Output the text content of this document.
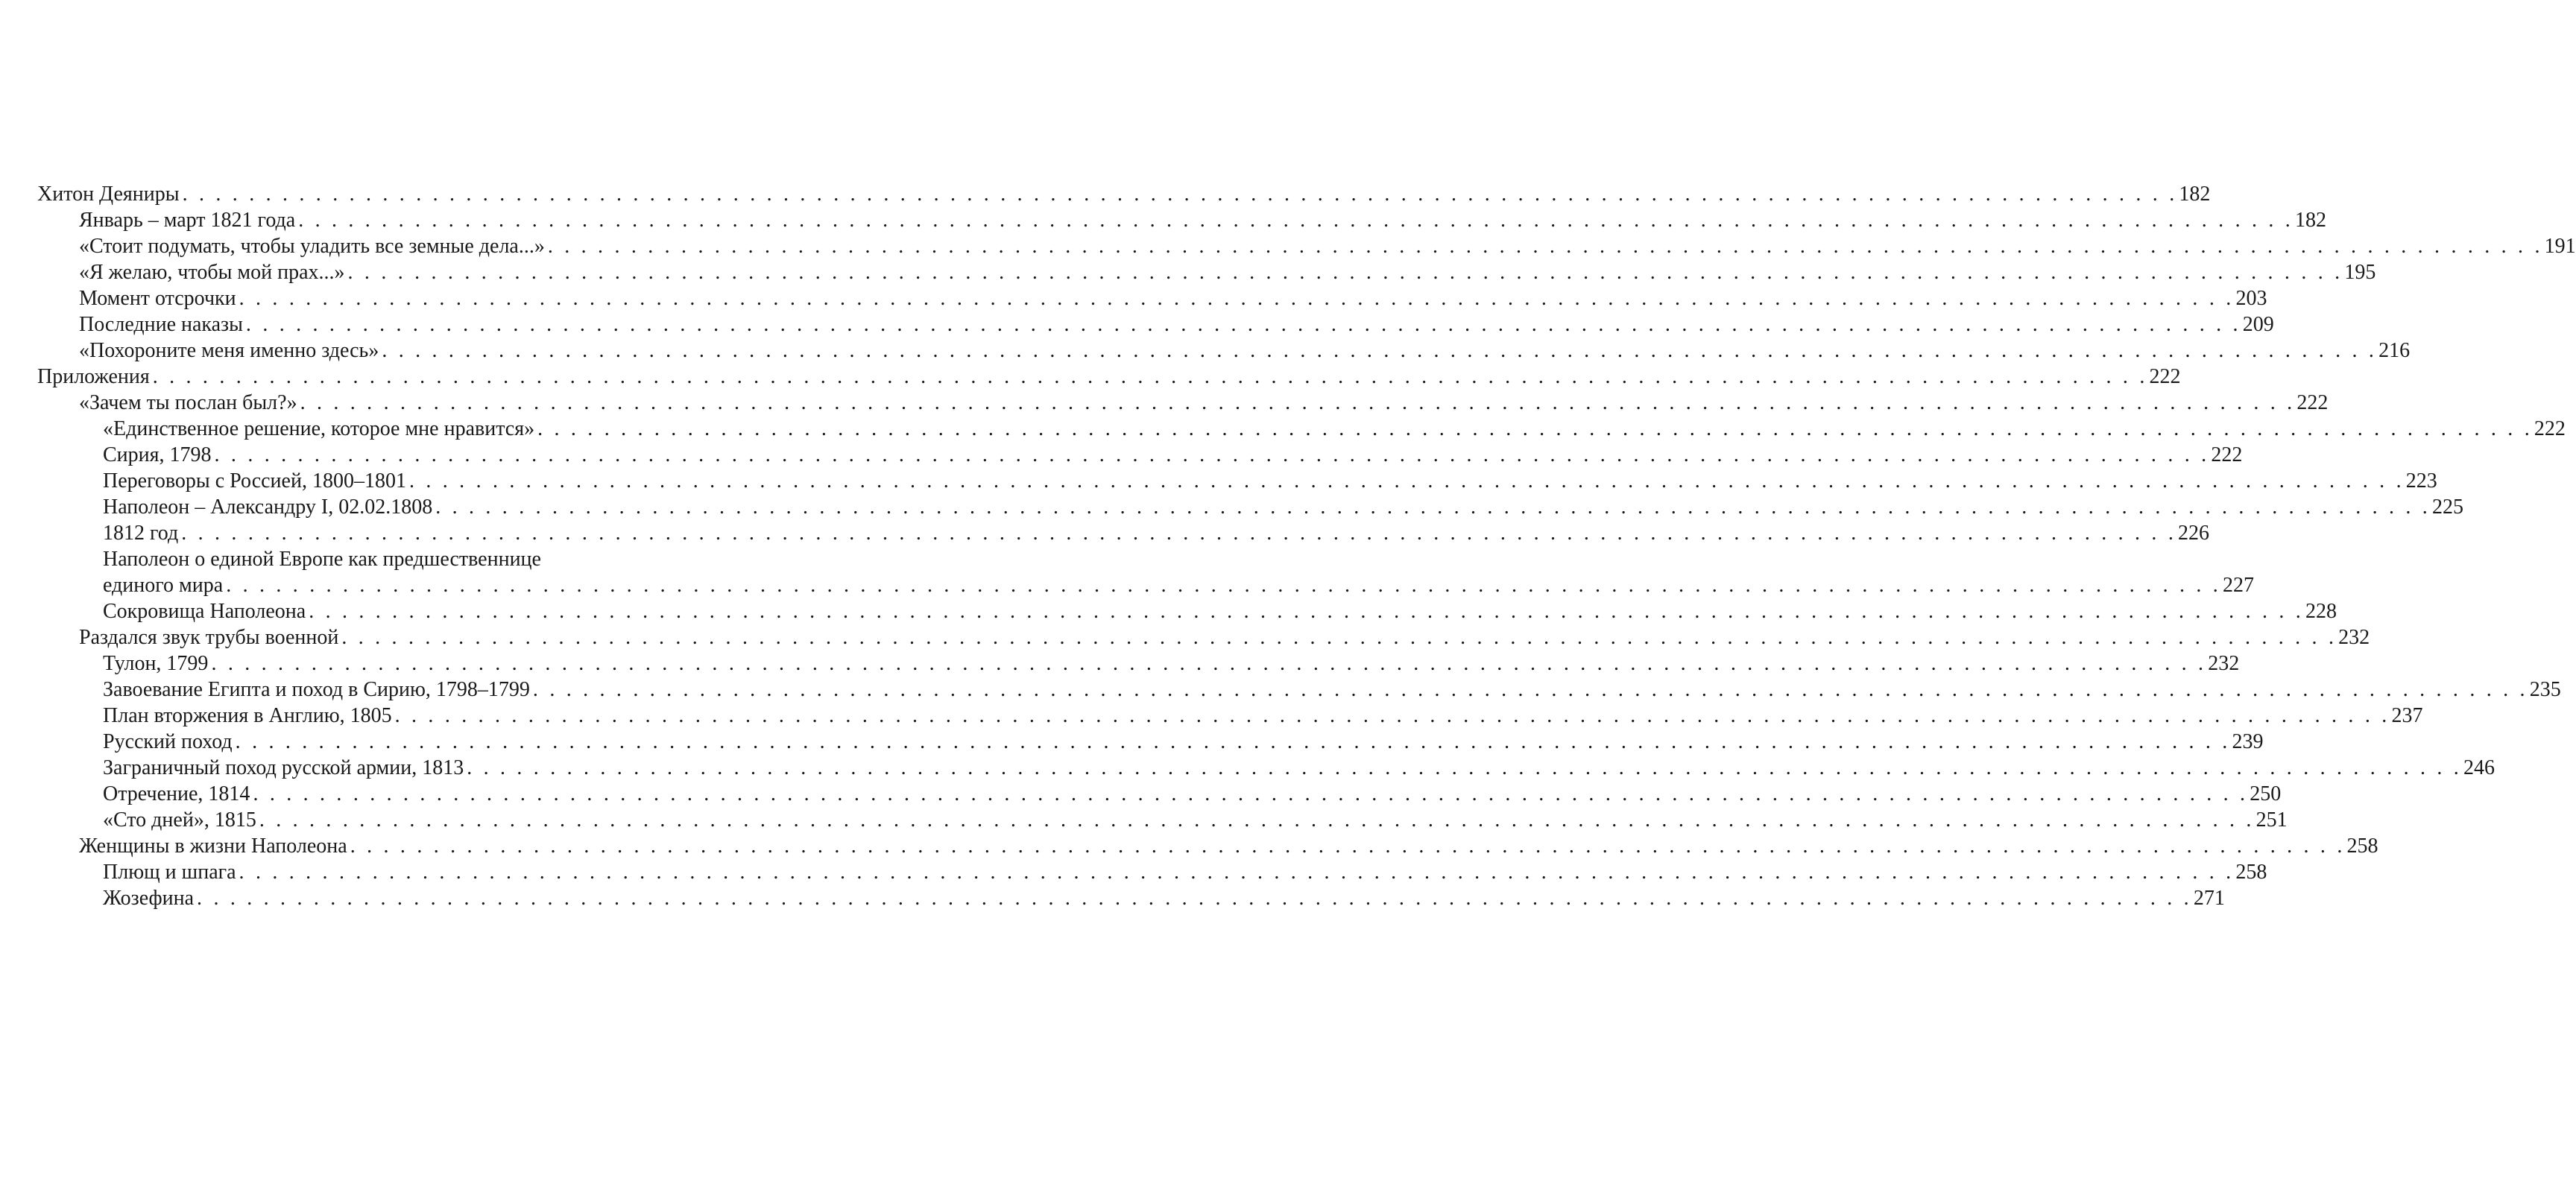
Хитон Деяниры . . . . . . . . . . . . . . . . . . . . . . . . . . . . . . . . . . . . . . . . . . . . . . . . . . . . . . . . . . . . . . . . . . . . . . . . . . . . . . . . . . . . . . . . . . . . . . . . . . . . . . . . . . . . . . . . . . . . . . . . 182
Январь – март 1821 года . . . . . . . . . . . . . . . . . . . . . . . . . . . . . . . . . . . . . . . . . . . . . . . . . . . . . . . . . . . . . . . . . . . . . . . . . . . . . . . . . . . . . . . . . . . . . . . . . . . . . . . . . . . . . . . . . . . . . . . . 182
«Стоит подумать, чтобы уладить все земные дела...» . . . . . . . . . . . . . . . . . . . . . . . . . . . . . . . . . . . . . . . . . . . . . . . . . . . . . . . . . . . . . . . . . . . . . . . . . . . . . . . . . . . . . . . . . . . . . . . . . . . . . . . . . . . . . . . . . . . . . . . . 191
«Я желаю, чтобы мой прах...» . . . . . . . . . . . . . . . . . . . . . . . . . . . . . . . . . . . . . . . . . . . . . . . . . . . . . . . . . . . . . . . . . . . . . . . . . . . . . . . . . . . . . . . . . . . . . . . . . . . . . . . . . . . . . . . . . . . . . . . . 195
Момент отсрочки . . . . . . . . . . . . . . . . . . . . . . . . . . . . . . . . . . . . . . . . . . . . . . . . . . . . . . . . . . . . . . . . . . . . . . . . . . . . . . . . . . . . . . . . . . . . . . . . . . . . . . . . . . . . . . . . . . . . . . . . 203
Последние наказы . . . . . . . . . . . . . . . . . . . . . . . . . . . . . . . . . . . . . . . . . . . . . . . . . . . . . . . . . . . . . . . . . . . . . . . . . . . . . . . . . . . . . . . . . . . . . . . . . . . . . . . . . . . . . . . . . . . . . . . . 209
«Похороните меня именно здесь» . . . . . . . . . . . . . . . . . . . . . . . . . . . . . . . . . . . . . . . . . . . . . . . . . . . . . . . . . . . . . . . . . . . . . . . . . . . . . . . . . . . . . . . . . . . . . . . . . . . . . . . . . . . . . . . . . . . . . . . . 216
Приложения . . . . . . . . . . . . . . . . . . . . . . . . . . . . . . . . . . . . . . . . . . . . . . . . . . . . . . . . . . . . . . . . . . . . . . . . . . . . . . . . . . . . . . . . . . . . . . . . . . . . . . . . . . . . . . . . . . . . . . . . 222
«Зачем ты послан был?» . . . . . . . . . . . . . . . . . . . . . . . . . . . . . . . . . . . . . . . . . . . . . . . . . . . . . . . . . . . . . . . . . . . . . . . . . . . . . . . . . . . . . . . . . . . . . . . . . . . . . . . . . . . . . . . . . . . . . . . . 222
«Единственное решение, которое мне нравится» . . . . . . . . . . . . . . . . . . . . . . . . . . . . . . . . . . . . . . . . . . . . . . . . . . . . . . . . . . . . . . . . . . . . . . . . . . . . . . . . . . . . . . . . . . . . . . . . . . . . . . . . . . . . . . . . . . . . . . . . 222
Сирия, 1798 . . . . . . . . . . . . . . . . . . . . . . . . . . . . . . . . . . . . . . . . . . . . . . . . . . . . . . . . . . . . . . . . . . . . . . . . . . . . . . . . . . . . . . . . . . . . . . . . . . . . . . . . . . . . . . . . . . . . . . . . 222
Переговоры с Россией, 1800–1801 . . . . . . . . . . . . . . . . . . . . . . . . . . . . . . . . . . . . . . . . . . . . . . . . . . . . . . . . . . . . . . . . . . . . . . . . . . . . . . . . . . . . . . . . . . . . . . . . . . . . . . . . . . . . . . . . . . . . . . . . 223
Наполеон – Александру I, 02.02.1808 . . . . . . . . . . . . . . . . . . . . . . . . . . . . . . . . . . . . . . . . . . . . . . . . . . . . . . . . . . . . . . . . . . . . . . . . . . . . . . . . . . . . . . . . . . . . . . . . . . . . . . . . . . . . . . . . . . . . . . . . 225
1812 год . . . . . . . . . . . . . . . . . . . . . . . . . . . . . . . . . . . . . . . . . . . . . . . . . . . . . . . . . . . . . . . . . . . . . . . . . . . . . . . . . . . . . . . . . . . . . . . . . . . . . . . . . . . . . . . . . . . . . . . . 226
Наполеон о единой Европе как предшественнице
единого мира . . . . . . . . . . . . . . . . . . . . . . . . . . . . . . . . . . . . . . . . . . . . . . . . . . . . . . . . . . . . . . . . . . . . . . . . . . . . . . . . . . . . . . . . . . . . . . . . . . . . . . . . . . . . . . . . . . . . . . . . 227
Сокровища Наполеона . . . . . . . . . . . . . . . . . . . . . . . . . . . . . . . . . . . . . . . . . . . . . . . . . . . . . . . . . . . . . . . . . . . . . . . . . . . . . . . . . . . . . . . . . . . . . . . . . . . . . . . . . . . . . . . . . . . . . . . . 228
Раздался звук трубы военной . . . . . . . . . . . . . . . . . . . . . . . . . . . . . . . . . . . . . . . . . . . . . . . . . . . . . . . . . . . . . . . . . . . . . . . . . . . . . . . . . . . . . . . . . . . . . . . . . . . . . . . . . . . . . . . . . . . . . . . . 232
Тулон, 1799 . . . . . . . . . . . . . . . . . . . . . . . . . . . . . . . . . . . . . . . . . . . . . . . . . . . . . . . . . . . . . . . . . . . . . . . . . . . . . . . . . . . . . . . . . . . . . . . . . . . . . . . . . . . . . . . . . . . . . . . . 232
Завоевание Египта и поход в Сирию, 1798–1799 . . . . . . . . . . . . . . . . . . . . . . . . . . . . . . . . . . . . . . . . . . . . . . . . . . . . . . . . . . . . . . . . . . . . . . . . . . . . . . . . . . . . . . . . . . . . . . . . . . . . . . . . . . . . . . . . . . . . . . . . 235
План вторжения в Англию, 1805 . . . . . . . . . . . . . . . . . . . . . . . . . . . . . . . . . . . . . . . . . . . . . . . . . . . . . . . . . . . . . . . . . . . . . . . . . . . . . . . . . . . . . . . . . . . . . . . . . . . . . . . . . . . . . . . . . . . . . . . . 237
Русский поход . . . . . . . . . . . . . . . . . . . . . . . . . . . . . . . . . . . . . . . . . . . . . . . . . . . . . . . . . . . . . . . . . . . . . . . . . . . . . . . . . . . . . . . . . . . . . . . . . . . . . . . . . . . . . . . . . . . . . . . . 239
Заграничный поход русской армии, 1813 . . . . . . . . . . . . . . . . . . . . . . . . . . . . . . . . . . . . . . . . . . . . . . . . . . . . . . . . . . . . . . . . . . . . . . . . . . . . . . . . . . . . . . . . . . . . . . . . . . . . . . . . . . . . . . . . . . . . . . . . 246
Отречение, 1814 . . . . . . . . . . . . . . . . . . . . . . . . . . . . . . . . . . . . . . . . . . . . . . . . . . . . . . . . . . . . . . . . . . . . . . . . . . . . . . . . . . . . . . . . . . . . . . . . . . . . . . . . . . . . . . . . . . . . . . . . 250
«Сто дней», 1815 . . . . . . . . . . . . . . . . . . . . . . . . . . . . . . . . . . . . . . . . . . . . . . . . . . . . . . . . . . . . . . . . . . . . . . . . . . . . . . . . . . . . . . . . . . . . . . . . . . . . . . . . . . . . . . . . . . . . . . . . 251
Женщины в жизни Наполеона . . . . . . . . . . . . . . . . . . . . . . . . . . . . . . . . . . . . . . . . . . . . . . . . . . . . . . . . . . . . . . . . . . . . . . . . . . . . . . . . . . . . . . . . . . . . . . . . . . . . . . . . . . . . . . . . . . . . . . . . 258
Плющ и шпага . . . . . . . . . . . . . . . . . . . . . . . . . . . . . . . . . . . . . . . . . . . . . . . . . . . . . . . . . . . . . . . . . . . . . . . . . . . . . . . . . . . . . . . . . . . . . . . . . . . . . . . . . . . . . . . . . . . . . . . . 258
Жозефина . . . . . . . . . . . . . . . . . . . . . . . . . . . . . . . . . . . . . . . . . . . . . . . . . . . . . . . . . . . . . . . . . . . . . . . . . . . . . . . . . . . . . . . . . . . . . . . . . . . . . . . . . . . . . . . . . . . . . . . . 271
